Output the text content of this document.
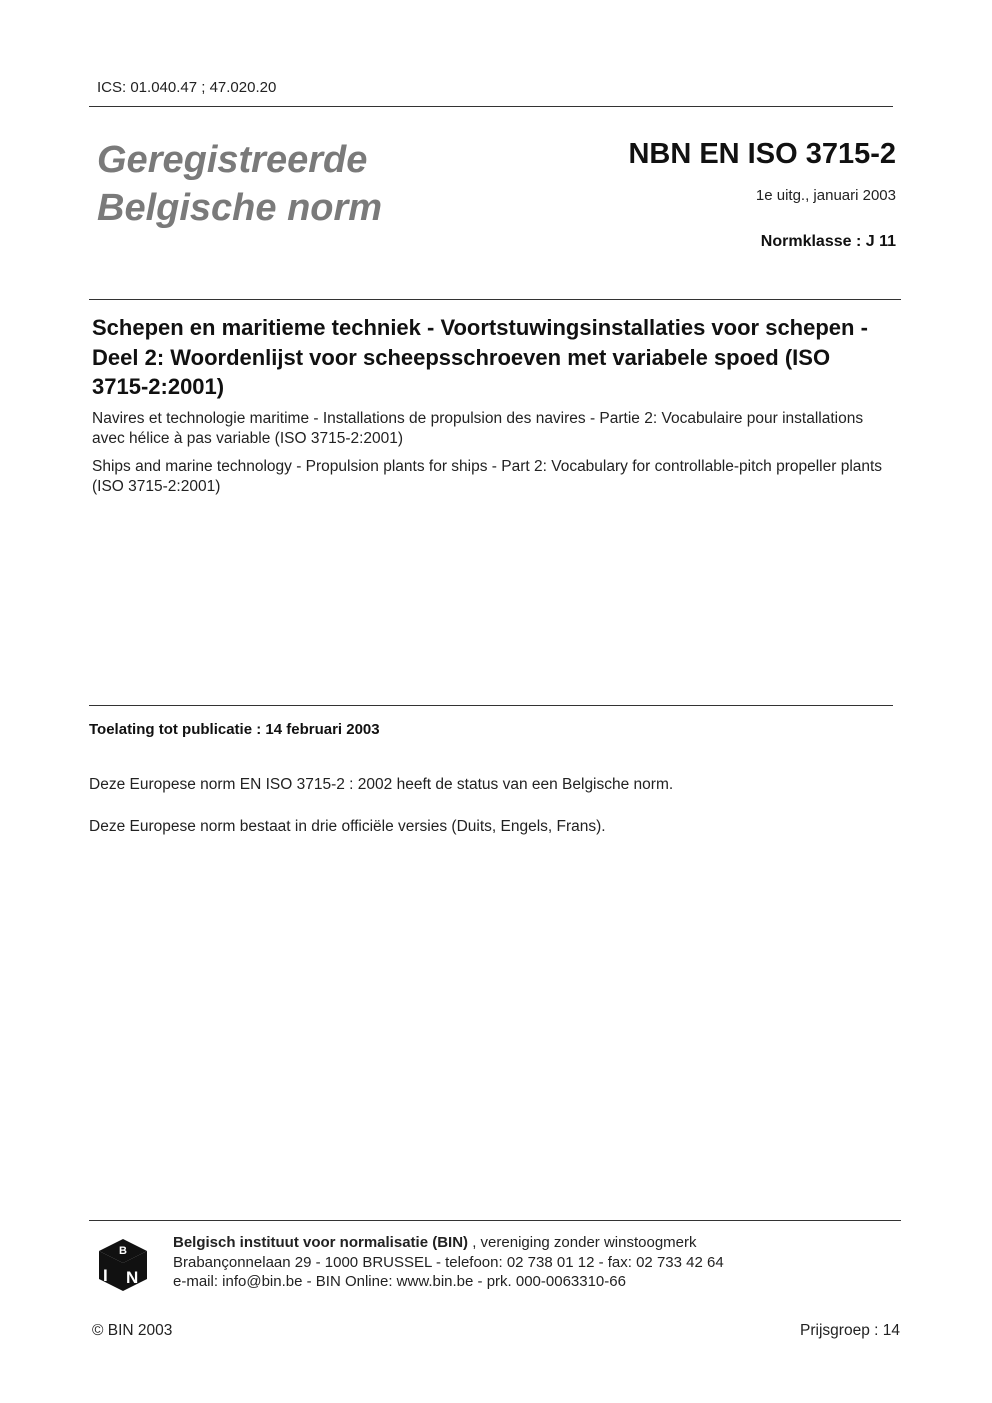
ICS: 01.040.47 ; 47.020.20
Geregistreerde
Belgische norm
NBN EN ISO 3715-2
1e uitg., januari 2003
Normklasse : J 11
Schepen en maritieme techniek - Voortstuwingsinstallaties voor schepen - Deel 2: Woordenlijst voor scheepsschroeven met variabele spoed (ISO 3715-2:2001)
Navires et technologie maritime - Installations de propulsion des navires - Partie 2: Vocabulaire pour installations avec hélice à pas variable (ISO 3715-2:2001)
Ships and marine technology - Propulsion plants for ships - Part 2: Vocabulary for controllable-pitch propeller plants (ISO 3715-2:2001)
Toelating tot publicatie : 14 februari 2003
Deze Europese norm EN ISO 3715-2 : 2002 heeft de status van een Belgische norm.
Deze Europese norm bestaat in drie officiële versies (Duits, Engels, Frans).
B
I N
Belgisch instituut voor normalisatie (BIN) , vereniging zonder winstoogmerk
Brabançonnelaan 29 - 1000 BRUSSEL - telefoon: 02 738 01 12 - fax: 02 733 42 64
e-mail: info@bin.be - BIN Online: www.bin.be - prk. 000-0063310-66
© BIN 2003	Prijsgroep : 14
